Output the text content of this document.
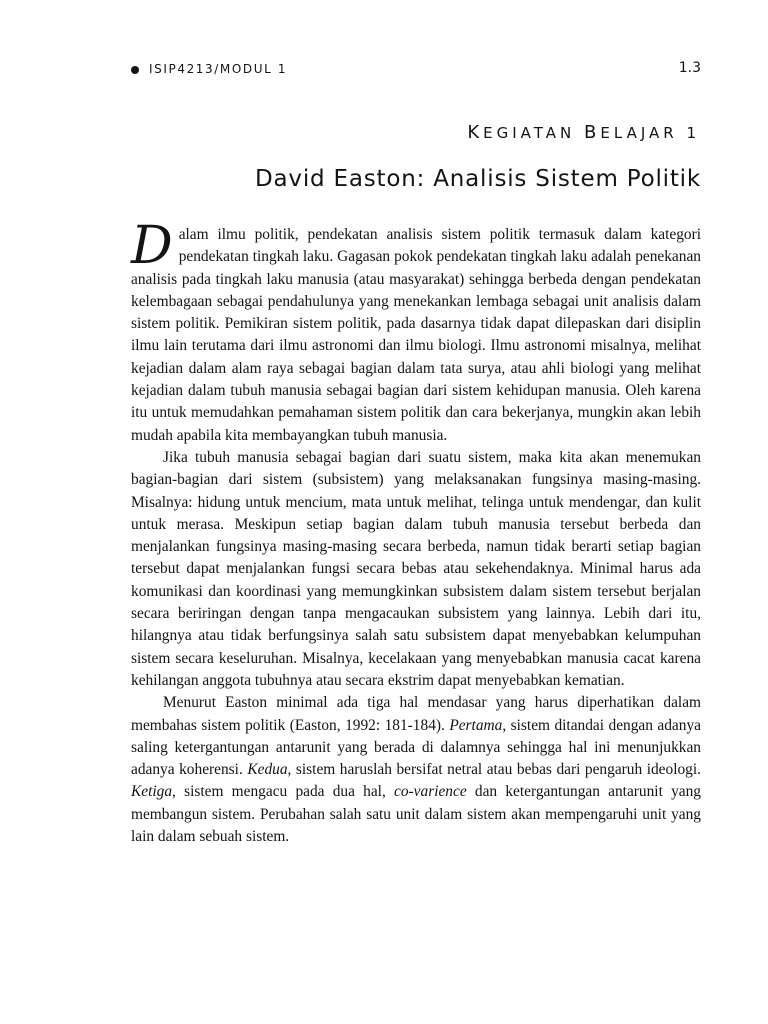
ISIP4213/MODUL 1	1.3
KEGIATAN BELAJAR 1
David Easton: Analisis Sistem Politik

Dalam ilmu politik, pendekatan analisis sistem politik termasuk dalam kategori pendekatan tingkah laku. Gagasan pokok pendekatan tingkah laku adalah penekanan analisis pada tingkah laku manusia (atau masyarakat) sehingga berbeda dengan pendekatan kelembagaan sebagai pendahulunya yang menekankan lembaga sebagai unit analisis dalam sistem politik. Pemikiran sistem politik, pada dasarnya tidak dapat dilepaskan dari disiplin ilmu lain terutama dari ilmu astronomi dan ilmu biologi. Ilmu astronomi misalnya, melihat kejadian dalam alam raya sebagai bagian dalam tata surya, atau ahli biologi yang melihat kejadian dalam tubuh manusia sebagai bagian dari sistem kehidupan manusia. Oleh karena itu untuk memudahkan pemahaman sistem politik dan cara bekerjanya, mungkin akan lebih mudah apabila kita membayangkan tubuh manusia.

Jika tubuh manusia sebagai bagian dari suatu sistem, maka kita akan menemukan bagian-bagian dari sistem (subsistem) yang melaksanakan fungsinya masing-masing. Misalnya: hidung untuk mencium, mata untuk melihat, telinga untuk mendengar, dan kulit untuk merasa. Meskipun setiap bagian dalam tubuh manusia tersebut berbeda dan menjalankan fungsinya masing-masing secara berbeda, namun tidak berarti setiap bagian tersebut dapat menjalankan fungsi secara bebas atau sekehendaknya. Minimal harus ada komunikasi dan koordinasi yang memungkinkan subsistem dalam sistem tersebut berjalan secara beriringan dengan tanpa mengacaukan subsistem yang lainnya. Lebih dari itu, hilangnya atau tidak berfungsinya salah satu subsistem dapat menyebabkan kelumpuhan sistem secara keseluruhan. Misalnya, kecelakaan yang menyebabkan manusia cacat karena kehilangan anggota tubuhnya atau secara ekstrim dapat menyebabkan kematian.

Menurut Easton minimal ada tiga hal mendasar yang harus diperhatikan dalam membahas sistem politik (Easton, 1992: 181-184). Pertama, sistem ditandai dengan adanya saling ketergantungan antarunit yang berada di dalamnya sehingga hal ini menunjukkan adanya koherensi. Kedua, sistem haruslah bersifat netral atau bebas dari pengaruh ideologi. Ketiga, sistem mengacu pada dua hal, co-varience dan ketergantungan antarunit yang membangun sistem. Perubahan salah satu unit dalam sistem akan mempengaruhi unit yang lain dalam sebuah sistem.
